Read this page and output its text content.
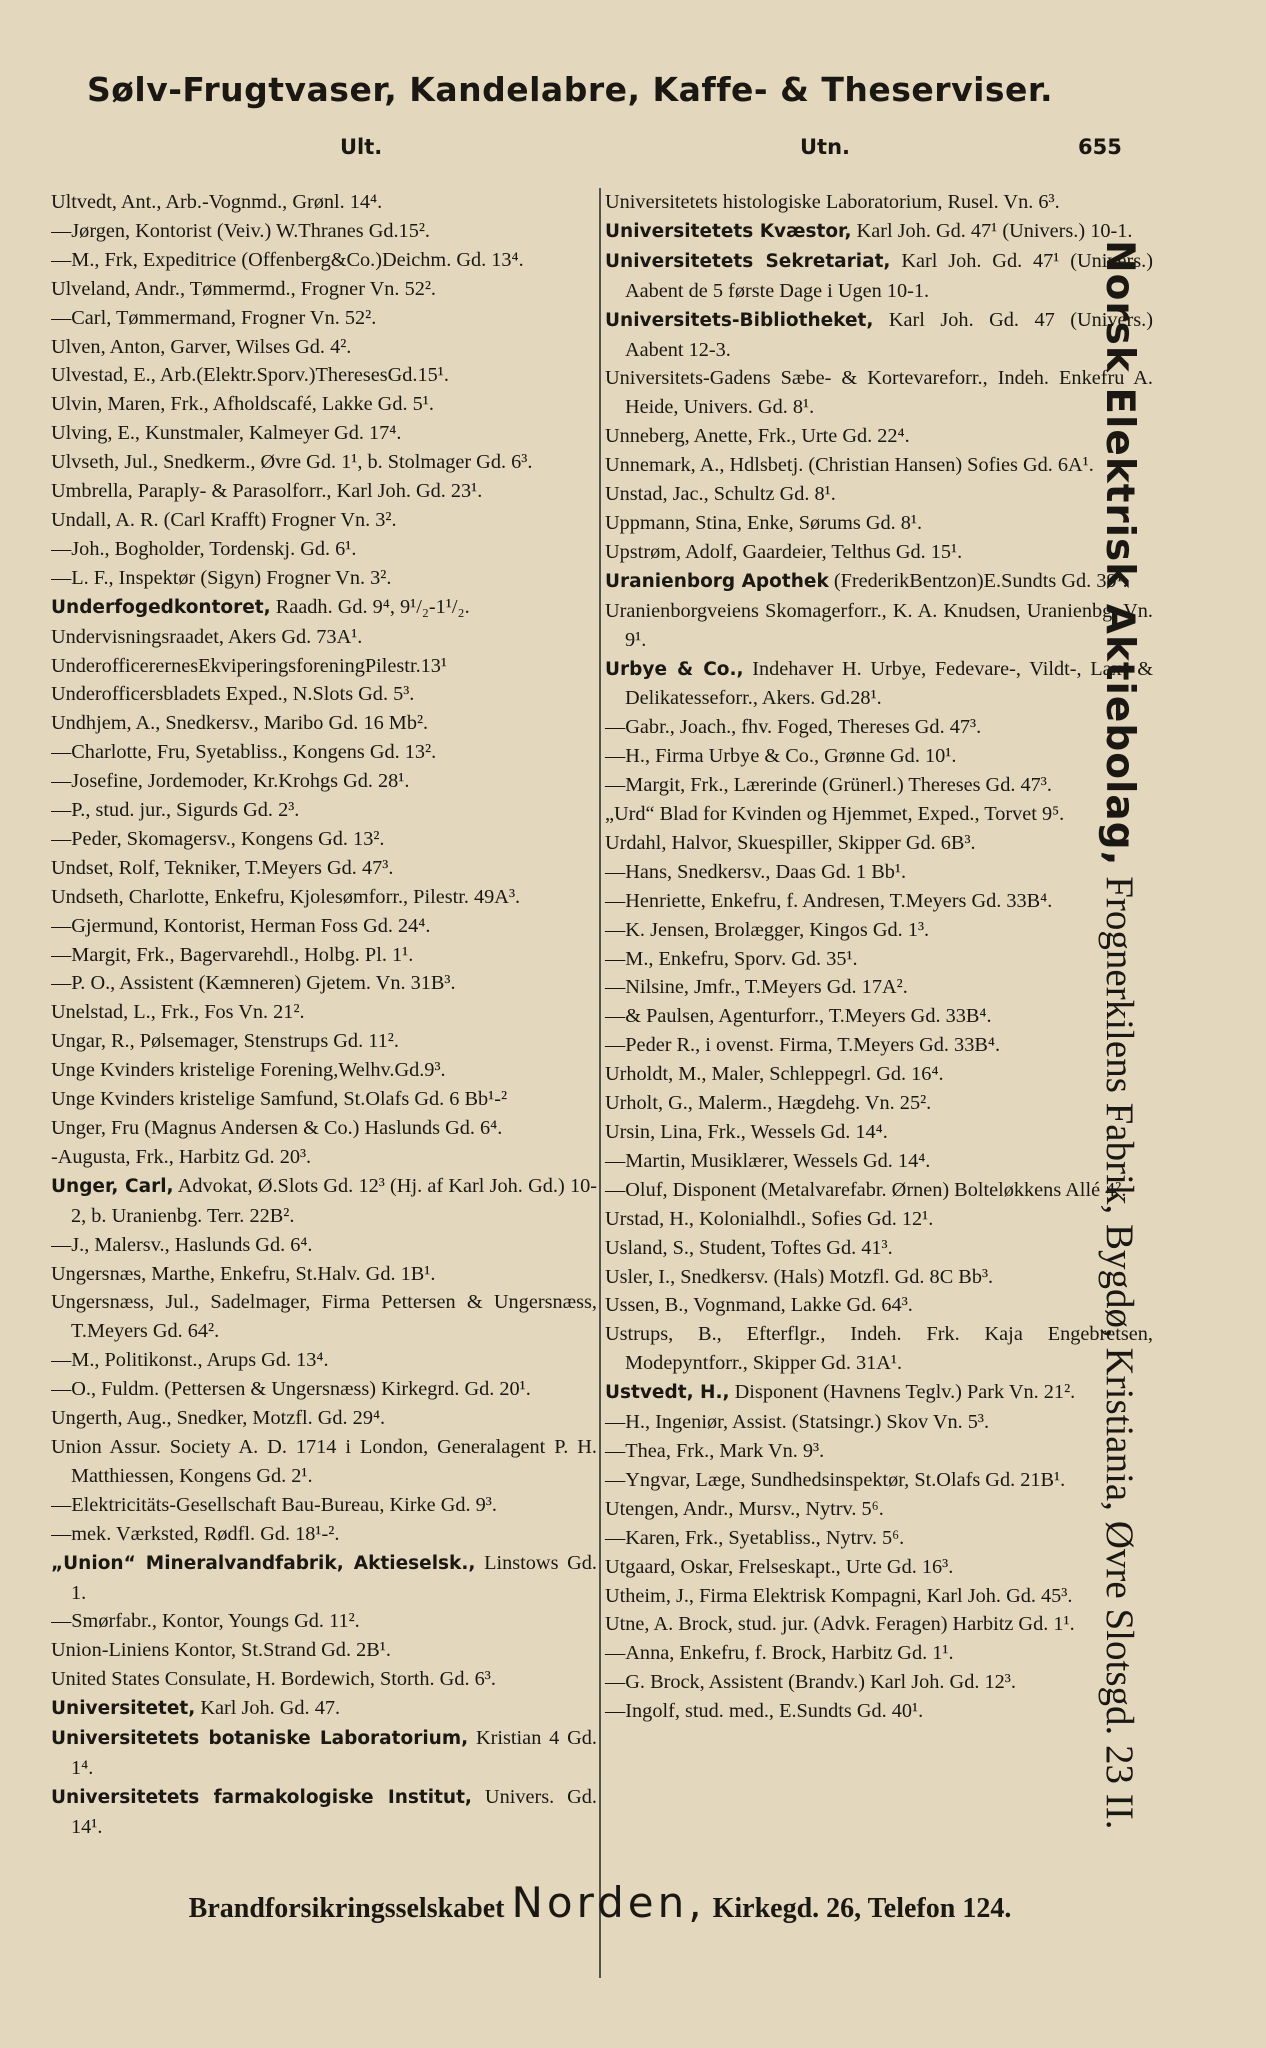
Sølv-Frugtvaser, Kandelabre, Kaffe- & Theserviser.
Ult.	Utn.	655
Ultvedt, Ant., Arb.-Vognmd., Grønl. 14⁴.
—Jørgen, Kontorist (Veiv.) W.Thranes Gd.15².
—M., Frk, Expeditrice (Offenberg&Co.)Deichm. Gd. 13⁴.
Ulveland, Andr., Tømmermd., Frogner Vn. 52².
—Carl, Tømmermand, Frogner Vn. 52².
Ulven, Anton, Garver, Wilses Gd. 4².
Ulvestad, E., Arb.(Elektr.Sporv.)TheresesGd.15¹.
Ulvin, Maren, Frk., Afholdscafé, Lakke Gd. 5¹.
Ulving, E., Kunstmaler, Kalmeyer Gd. 17⁴.
Ulvseth, Jul., Snedkerm., Øvre Gd. 1¹, b. Stolmager Gd. 6³.
Umbrella, Paraply- & Parasolforr., Karl Joh. Gd. 23¹.
Undall, A. R. (Carl Krafft) Frogner Vn. 3².
—Joh., Bogholder, Tordenskj. Gd. 6¹.
—L. F., Inspektør (Sigyn) Frogner Vn. 3².
Underfogedkontoret, Raadh. Gd. 9⁴, 9¹/₂-1¹/₂.
Undervisningsraadet, Akers Gd. 73A¹.
UnderofficerernesEkviperingsforeningPilestr.13¹
Underofficersbladets Exped., N.Slots Gd. 5³.
Undhjem, A., Snedkersv., Maribo Gd. 16 Mb².
—Charlotte, Fru, Syetabliss., Kongens Gd. 13².
—Josefine, Jordemoder, Kr.Krohgs Gd. 28¹.
—P., stud. jur., Sigurds Gd. 2³.
—Peder, Skomagersv., Kongens Gd. 13².
Undset, Rolf, Tekniker, T.Meyers Gd. 47³.
Undseth, Charlotte, Enkefru, Kjolesømforr., Pilestr. 49A³.
—Gjermund, Kontorist, Herman Foss Gd. 24⁴.
—Margit, Frk., Bagervarehdl., Holbg. Pl. 1¹.
—P. O., Assistent (Kæmneren) Gjetem. Vn. 31B³.
Unelstad, L., Frk., Fos Vn. 21².
Ungar, R., Pølsemager, Stenstrups Gd. 11².
Unge Kvinders kristelige Forening,Welhv.Gd.9³.
Unge Kvinders kristelige Samfund, St.Olafs Gd. 6 Bb¹-²
Unger, Fru (Magnus Andersen & Co.) Haslunds Gd. 6⁴.
-Augusta, Frk., Harbitz Gd. 20³.
Unger, Carl, Advokat, Ø.Slots Gd. 12³ (Hj. af Karl Joh. Gd.) 10-2, b. Uranienbg. Terr. 22B².
—J., Malersv., Haslunds Gd. 6⁴.
Ungersnæs, Marthe, Enkefru, St.Halv. Gd. 1B¹.
Ungersnæss, Jul., Sadelmager, Firma Pettersen & Ungersnæss, T.Meyers Gd. 64².
—M., Politikonst., Arups Gd. 13⁴.
—O., Fuldm. (Pettersen & Ungersnæss) Kirkegrd. Gd. 20¹.
Ungerth, Aug., Snedker, Motzfl. Gd. 29⁴.
Union Assur. Society A. D. 1714 i London, Generalagent P. H. Matthiessen, Kongens Gd. 2¹.
—Elektricitäts-Gesellschaft Bau-Bureau, Kirke Gd. 9³.
—mek. Værksted, Rødfl. Gd. 18¹-².
„Union“ Mineralvandfabrik, Aktieselsk., Linstows Gd. 1.
—Smørfabr., Kontor, Youngs Gd. 11².
Union-Liniens Kontor, St.Strand Gd. 2B¹.
United States Consulate, H. Bordewich, Storth. Gd. 6³.
Universitetet, Karl Joh. Gd. 47.
Universitetets botaniske Laboratorium, Kristian 4 Gd. 1⁴.
Universitetets farmakologiske Institut, Univers. Gd. 14¹.
Universitetets histologiske Laboratorium, Rusel. Vn. 6³.
Universitetets Kvæstor, Karl Joh. Gd. 47¹ (Univers.) 10-1.
Universitetets Sekretariat, Karl Joh. Gd. 47¹ (Univers.) Aabent de 5 første Dage i Ugen 10-1.
Universitets-Bibliotheket, Karl Joh. Gd. 47 (Univers.) Aabent 12-3.
Universitets-Gadens Sæbe- & Kortevareforr., Indeh. Enkefru A. Heide, Univers. Gd. 8¹.
Unneberg, Anette, Frk., Urte Gd. 22⁴.
Unnemark, A., Hdlsbetj. (Christian Hansen) Sofies Gd. 6A¹.
Unstad, Jac., Schultz Gd. 8¹.
Uppmann, Stina, Enke, Sørums Gd. 8¹.
Upstrøm, Adolf, Gaardeier, Telthus Gd. 15¹.
Uranienborg Apothek (FrederikBentzon)E.Sundts Gd. 39¹.
Uranienborgveiens Skomagerforr., K. A. Knudsen, Uranienbg. Vn. 9¹.
Urbye & Co., Indehaver H. Urbye, Fedevare-, Vildt-, Lax- & Delikatesseforr., Akers. Gd.28¹.
—Gabr., Joach., fhv. Foged, Thereses Gd. 47³.
—H., Firma Urbye & Co., Grønne Gd. 10¹.
—Margit, Frk., Lærerinde (Grünerl.) Thereses Gd. 47³.
„Urd“ Blad for Kvinden og Hjemmet, Exped., Torvet 9⁵.
Urdahl, Halvor, Skuespiller, Skipper Gd. 6B³.
—Hans, Snedkersv., Daas Gd. 1 Bb¹.
—Henriette, Enkefru, f. Andresen, T.Meyers Gd. 33B⁴.
—K. Jensen, Brolægger, Kingos Gd. 1³.
—M., Enkefru, Sporv. Gd. 35¹.
—Nilsine, Jmfr., T.Meyers Gd. 17A².
—& Paulsen, Agenturforr., T.Meyers Gd. 33B⁴.
—Peder R., i ovenst. Firma, T.Meyers Gd. 33B⁴.
Urholdt, M., Maler, Schleppegrl. Gd. 16⁴.
Urholt, G., Malerm., Hægdehg. Vn. 25².
Ursin, Lina, Frk., Wessels Gd. 14⁴.
—Martin, Musiklærer, Wessels Gd. 14⁴.
—Oluf, Disponent (Metalvarefabr. Ørnen) Bolteløkkens Allé 4².
Urstad, H., Kolonialhdl., Sofies Gd. 12¹.
Usland, S., Student, Toftes Gd. 41³.
Usler, I., Snedkersv. (Hals) Motzfl. Gd. 8C Bb³.
Ussen, B., Vognmand, Lakke Gd. 64³.
Ustrups, B., Efterflgr., Indeh. Frk. Kaja Engebretsen, Modepyntforr., Skipper Gd. 31A¹.
Ustvedt, H., Disponent (Havnens Teglv.) Park Vn. 21².
—H., Ingeniør, Assist. (Statsingr.) Skov Vn. 5³.
—Thea, Frk., Mark Vn. 9³.
—Yngvar, Læge, Sundhedsinspektør, St.Olafs Gd. 21B¹.
Utengen, Andr., Mursv., Nytrv. 5⁶.
—Karen, Frk., Syetabliss., Nytrv. 5⁶.
Utgaard, Oskar, Frelseskapt., Urte Gd. 16³.
Utheim, J., Firma Elektrisk Kompagni, Karl Joh. Gd. 45³.
Utne, A. Brock, stud. jur. (Advk. Feragen) Harbitz Gd. 1¹.
—Anna, Enkefru, f. Brock, Harbitz Gd. 1¹.
—G. Brock, Assistent (Brandv.) Karl Joh. Gd. 12³.
—Ingolf, stud. med., E.Sundts Gd. 40¹.
Norsk Elektrisk Aktiebolag, Frognerkilens Fabrik, Bygdø, Kristiania, Øvre Slotsgd. 23 II.
Brandforsikringsselskabet Norden, Kirkegd. 26, Telefon 124.
